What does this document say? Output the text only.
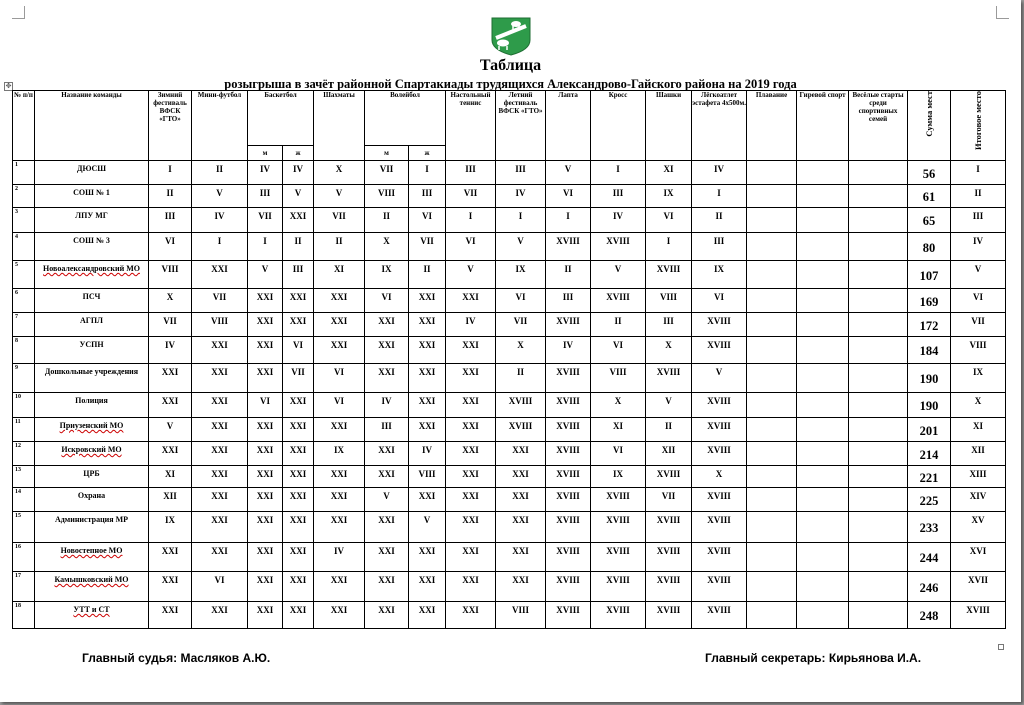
Таблица
розыгрыша в зачёт районной Спартакиады трудящихся Александрово-Гайского района на 2019 года
✥
№ п/п	Название команды	Зимний фестиваль ВФСК «ГТО»	Мини-футбол	Баскетбол		Шахматы	Волейбол		Настольный теннис	Летний фестиваль ВФСК «ГТО»	Лапта	Кросс	Шашки	Лёгкоатлет эстафета 4х500м.	Плавание	Гиревой спорт	Весёлые старты среди спортивных семей	Сумма мест	Итоговое место
				м	ж		м	ж											
1	ДЮСШ	I	II	IV	IV	X	VII	I	III	III	V	I	XI	IV				56	I
2	СОШ № 1	II	V	III	V	V	VIII	III	VII	IV	VI	III	IX	I				61	II
3	ЛПУ МГ	III	IV	VII	XXI	VII	II	VI	I	I	I	IV	VI	II				65	III
4	СОШ № 3	VI	I	I	II	II	X	VII	VI	V	XVIII	XVIII	I	III				80	IV
5	Новоалександровский МО	VIII	XXI	V	III	XI	IX	II	V	IX	II	V	XVIII	IX				107	V
6	ПСЧ	X	VII	XXI	XXI	XXI	VI	XXI	XXI	VI	III	XVIII	VIII	VI				169	VI
7	АГПЛ	VII	VIII	XXI	XXI	XXI	XXI	XXI	IV	VII	XVIII	II	III	XVIII				172	VII
8	УСПН	IV	XXI	XXI	VI	XXI	XXI	XXI	XXI	X	IV	VI	X	XVIII				184	VIII
9	Дошкольные учреждения	XXI	XXI	XXI	VII	VI	XXI	XXI	XXI	II	XVIII	VIII	XVIII	V				190	IX
10	Полиция	XXI	XXI	VI	XXI	VI	IV	XXI	XXI	XVIII	XVIII	X	V	XVIII				190	X
11	Приузенский МО	V	XXI	XXI	XXI	XXI	III	XXI	XXI	XVIII	XVIII	XI	II	XVIII				201	XI
12	Искровский МО	XXI	XXI	XXI	XXI	IX	XXI	IV	XXI	XXI	XVIII	VI	XII	XVIII				214	XII
13	ЦРБ	XI	XXI	XXI	XXI	XXI	XXI	VIII	XXI	XXI	XVIII	IX	XVIII	X				221	XIII
14	Охрана	XII	XXI	XXI	XXI	XXI	V	XXI	XXI	XXI	XVIII	XVIII	VII	XVIII				225	XIV
15	Администрация МР	IX	XXI	XXI	XXI	XXI	XXI	V	XXI	XXI	XVIII	XVIII	XVIII	XVIII				233	XV
16	Новостепное МО	XXI	XXI	XXI	XXI	IV	XXI	XXI	XXI	XXI	XVIII	XVIII	XVIII	XVIII				244	XVI
17	Камышковский МО	XXI	VI	XXI	XXI	XXI	XXI	XXI	XXI	XXI	XVIII	XVIII	XVIII	XVIII				246	XVII
18	УТТ и СТ	XXI	XXI	XXI	XXI	XXI	XXI	XXI	XXI	VIII	XVIII	XVIII	XVIII	XVIII				248	XVIII
Главный судья: Масляков А.Ю.	Главный секретарь: Кирьянова И.А.
